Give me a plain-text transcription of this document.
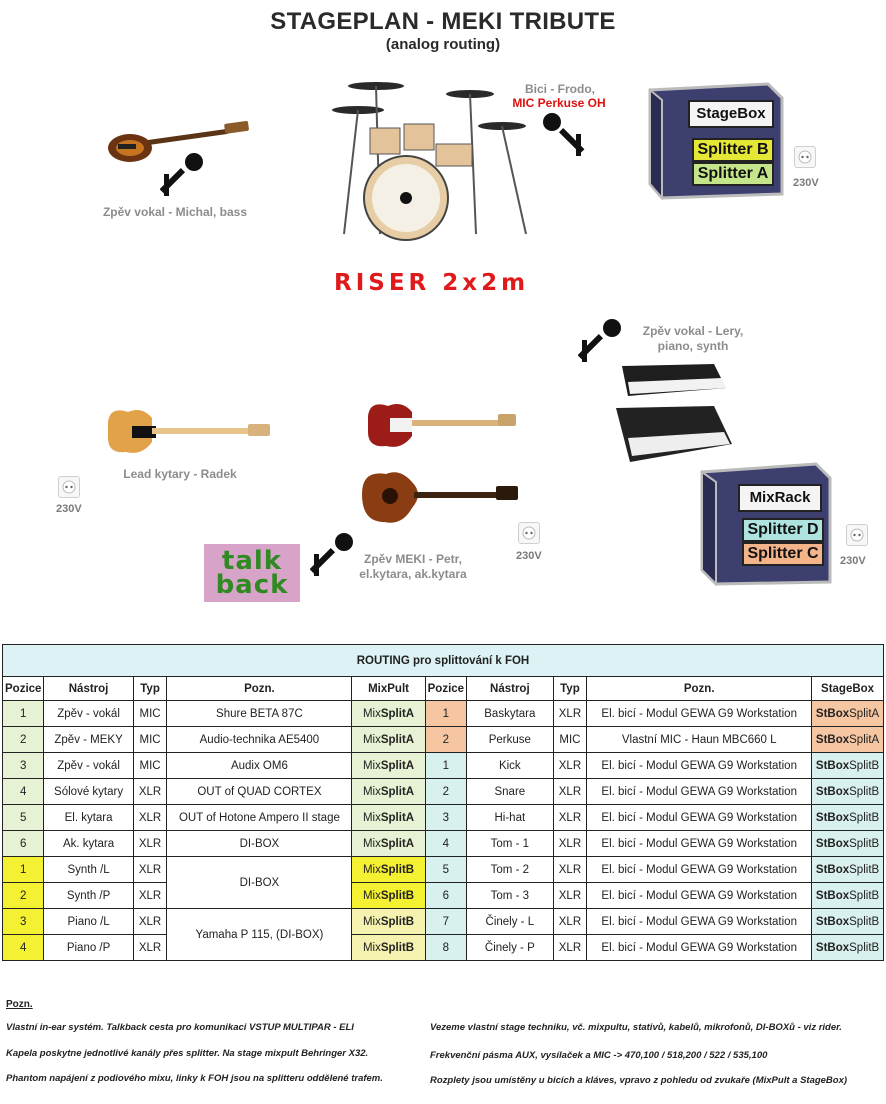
STAGEPLAN - MEKI TRIBUTE
(analog routing)
Zpěv vokal - Michal, bass
Bici - Frodo,
MIC Perkuse OH
RISER 2x2m
StageBox
Splitter B
Splitter A
230V
Zpěv vokal - Lery, piano, synth
Lead kytary - Radek
230V
Zpěv MEKI - Petr, el.kytara, ak.kytara
230V
talk back
MixRack
Splitter D
Splitter C	230V
ROUTING pro splittování k FOH									
Pozice	Nástroj	Typ	Pozn.	MixPult	Pozice	Nástroj	Typ	Pozn.	StageBox
1	Zpěv - vokál	MIC	Shure BETA 87C	MixSplitA	1	Baskytara	XLR	El. bicí - Modul GEWA G9 Workstation	StBoxSplitA
2	Zpěv - MEKY	MIC	Audio-technika AE5400	MixSplitA	2	Perkuse	MIC	Vlastní MIC - Haun MBC660 L	StBoxSplitA
3	Zpěv - vokál	MIC	Audix OM6	MixSplitA	1	Kick	XLR	El. bicí - Modul GEWA G9 Workstation	StBoxSplitB
4	Sólové kytary	XLR	OUT of QUAD CORTEX	MixSplitA	2	Snare	XLR	El. bicí - Modul GEWA G9 Workstation	StBoxSplitB
5	El. kytara	XLR	OUT of Hotone Ampero II stage	MixSplitA	3	Hi-hat	XLR	El. bicí - Modul GEWA G9 Workstation	StBoxSplitB
6	Ak. kytara	XLR	DI-BOX	MixSplitA	4	Tom - 1	XLR	El. bicí - Modul GEWA G9 Workstation	StBoxSplitB
1	Synth /L	XLR	DI-BOX	MixSplitB	5	Tom - 2	XLR	El. bicí - Modul GEWA G9 Workstation	StBoxSplitB
2	Synth /P	XLR		MixSplitB	6	Tom - 3	XLR	El. bicí - Modul GEWA G9 Workstation	StBoxSplitB
3	Piano /L	XLR	Yamaha P 115, (DI-BOX)	MixSplitB	7	Činely - L	XLR	El. bicí - Modul GEWA G9 Workstation	StBoxSplitB
4	Piano /P	XLR		MixSplitB	8	Činely - P	XLR	El. bicí - Modul GEWA G9 Workstation	StBoxSplitB
Pozn.
Vlastní in-ear systém. Talkback cesta pro komunikaci VSTUP MULTIPAR - ELI
Kapela poskytne jednotlivé kanály přes splitter. Na stage mixpult Behringer X32.
Phantom napájení z podiového mixu, linky k FOH jsou na splitteru oddělené trafem.
Vezeme vlastní stage techniku, vč. mixpultu, stativů, kabelů, mikrofonů, DI-BOXů - viz rider.
Frekvenční pásma AUX, vysílaček a MIC -> 470,100 / 518,200 / 522 / 535,100
Rozplety jsou umístěny u bicích a kláves, vpravo z pohledu od zvukaře (MixPult a StageBox)
